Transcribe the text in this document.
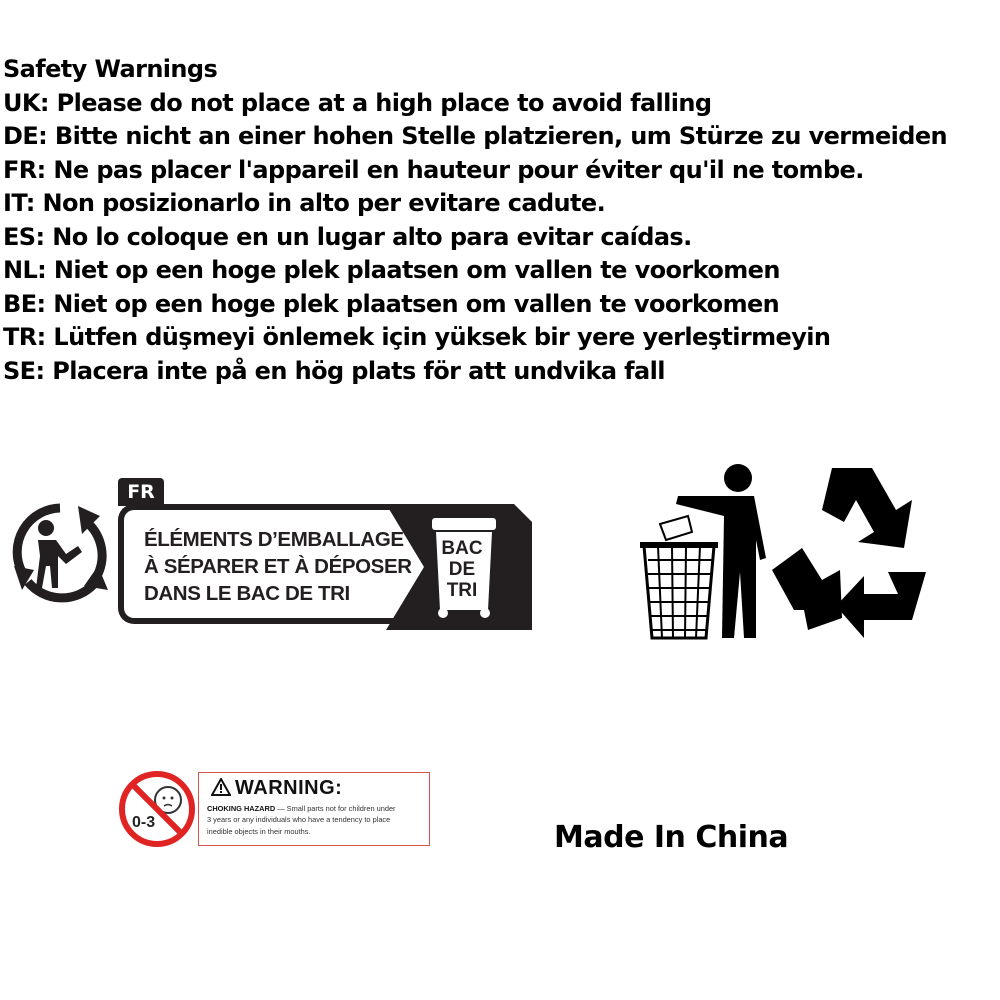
Safety Warnings
UK: Please do not place at a high place to avoid falling
DE: Bitte nicht an einer hohen Stelle platzieren, um Stürze zu vermeiden
FR: Ne pas placer l'appareil en hauteur pour éviter qu'il ne tombe.
IT: Non posizionarlo in alto per evitare cadute.
ES: No lo coloque en un lugar alto para evitar caídas.
NL: Niet op een hoge plek plaatsen om vallen te voorkomen
BE: Niet op een hoge plek plaatsen om vallen te voorkomen
TR: Lütfen düşmeyi önlemek için yüksek bir yere yerleştirmeyin
SE: Placera inte på en hög plats för att undvika fall
FR
ÉLÉMENTS D’EMBALLAGE
À SÉPARER ET À DÉPOSER
DANS LE BAC DE TRI
BAC
DE
TRI
0-3
WARNING:
CHOKING HAZARD — Small parts not for children under
3 years or any individuals who have a tendency to place
inedible objects in their mouths.	Made In China
